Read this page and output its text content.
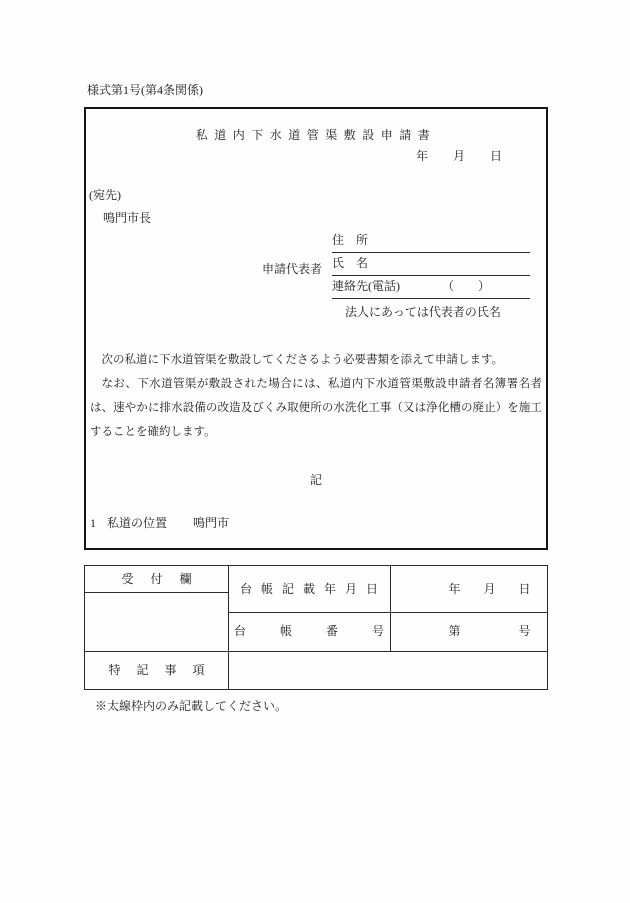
様式第1号(第4条関係)
私道内下水道管渠敷設申請書
年 月 日
(宛先)
鳴門市長
申請代表者
住　所
氏　名
連絡先(電話)	（　　）
法人にあっては代表者の氏名

次の私道に下水道管渠を敷設してくださるよう必要書類を添えて申請します。

なお、下水道管渠が敷設された場合には、私道内下水道管渠敷設申請者名簿署名者は、速やかに排水設備の改造及びくみ取便所の水洗化工事（又は浄化槽の廃止）を施工することを確約します。

記
1 私道の位置 鳴門市
受 付 欄
台 帳 記 載 年 月 日	年 月 日
台 帳 番 号	第 号
特 記 事 項
※太線枠内のみ記載してください。
